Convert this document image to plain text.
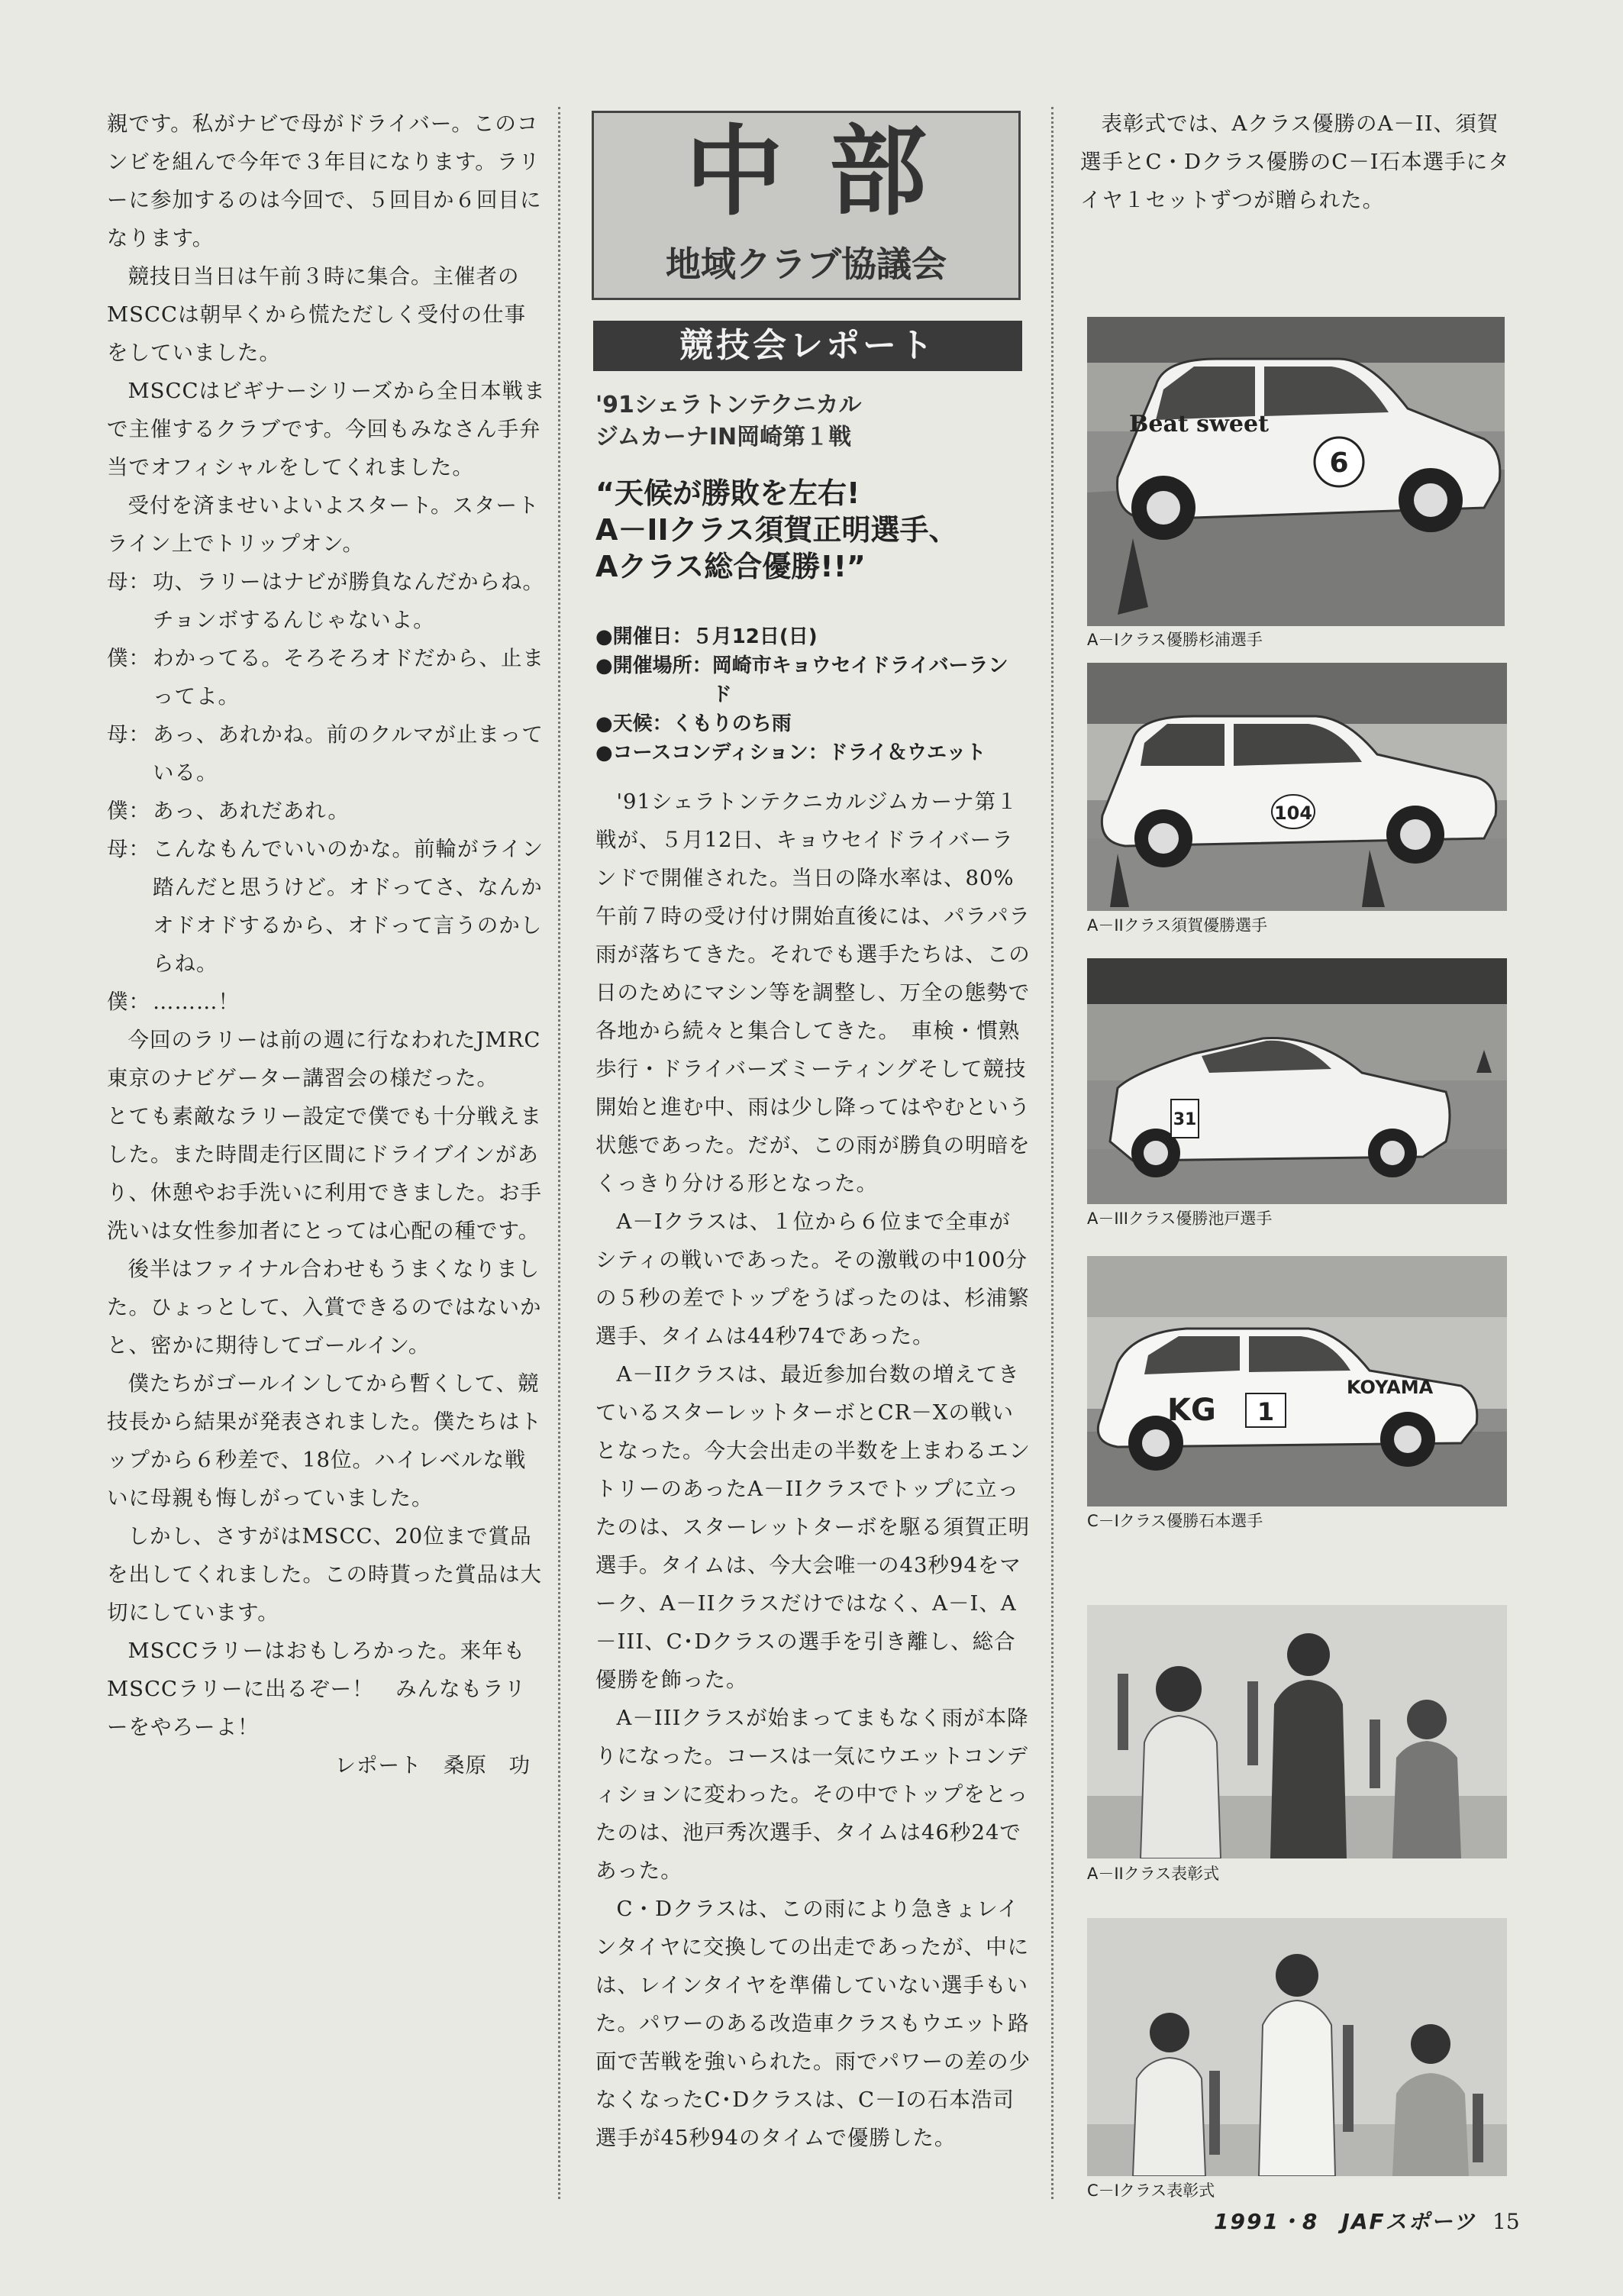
親です。私がナビで母がドライバー。このコンビを組んで今年で３年目になります。ラリーに参加するのは今回で、５回目か６回目になります。

競技日当日は午前３時に集合。主催者のMSCCは朝早くから慌ただしく受付の仕事をしていました。

MSCCはビギナーシリーズから全日本戦まで主催するクラブです。今回もみなさん手弁当でオフィシャルをしてくれました。

受付を済ませいよいよスタート。スタートライン上でトリップオン。

母： 功、ラリーはナビが勝負なんだからね。チョンボするんじゃないよ。
僕： わかってる。そろそろオドだから、止まってよ。
母： あっ、あれかね。前のクルマが止まっている。
僕： あっ、あれだあれ。
母： こんなもんでいいのかな。前輪がライン踏んだと思うけど。オドってさ、なんかオドオドするから、オドって言うのかしらね。
僕： ………！

今回のラリーは前の週に行なわれたJMRC東京のナビゲーター講習会の様だった。

とても素敵なラリー設定で僕でも十分戦えました。また時間走行区間にドライブインがあり、休憩やお手洗いに利用できました。お手洗いは女性参加者にとっては心配の種です。

後半はファイナル合わせもうまくなりました。ひょっとして、入賞できるのではないかと、密かに期待してゴールイン。

僕たちがゴールインしてから暫くして、競技長から結果が発表されました。僕たちはトップから６秒差で、18位。ハイレベルな戦いに母親も悔しがっていました。

しかし、さすがはMSCC、20位まで賞品を出してくれました。この時貰った賞品は大切にしています。

MSCCラリーはおもしろかった。来年もMSCCラリーに出るぞー！　みんなもラリーをやろーよ！

レポート　桑原　功

中部
地域クラブ協議会
競技会レポート
'91シェラトンテクニカル
ジムカーナIN岡崎第１戦
“天候が勝敗を左右!
A－IIクラス須賀正明選手、
Aクラス総合優勝!!”
●開催日： ５月12日(日)
●開催場所： 岡崎市キョウセイドライバーランド
●天候： くもりのち雨
●コースコンディション： ドライ＆ウエット

'91シェラトンテクニカルジムカーナ第１戦が、５月12日、キョウセイドライバーランドで開催された。当日の降水率は、80%午前７時の受け付け開始直後には、パラパラ雨が落ちてきた。それでも選手たちは、この日のためにマシン等を調整し、万全の態勢で各地から続々と集合してきた。　車検・慣熟歩行・ドライバーズミーティングそして競技開始と進む中、雨は少し降ってはやむという状態であった。だが、この雨が勝負の明暗をくっきり分ける形となった。

A－Iクラスは、１位から６位まで全車がシティの戦いであった。その激戦の中100分の５秒の差でトップをうばったのは、杉浦繁選手、タイムは44秒74であった。

A－IIクラスは、最近参加台数の増えてきているスターレットターボとCR－Xの戦いとなった。今大会出走の半数を上まわるエントリーのあったA－IIクラスでトップに立ったのは、スターレットターボを駆る須賀正明選手。タイムは、今大会唯一の43秒94をマーク、A－IIクラスだけではなく、A－I、A－III、C･Dクラスの選手を引き離し、総合優勝を飾った。

A－IIIクラスが始まってまもなく雨が本降りになった。コースは一気にウエットコンディションに変わった。その中でトップをとったのは、池戸秀次選手、タイムは46秒24であった。

C・Dクラスは、この雨により急きょレインタイヤに交換しての出走であったが、中には、レインタイヤを準備していない選手もいた。パワーのある改造車クラスもウエット路面で苦戦を強いられた。雨でパワーの差の少なくなったC･Dクラスは、C－Iの石本浩司選手が45秒94のタイムで優勝した。

表彰式では、Aクラス優勝のA－II、須賀選手とC・Dクラス優勝のC－I石本選手にタイヤ１セットずつが贈られた。

Beat sweet
6
A－Iクラス優勝杉浦選手
104
A－IIクラス須賀優勝選手
31
A－IIIクラス優勝池戸選手
KG
KOYAMA
1
C－Iクラス優勝石本選手
A－IIクラス表彰式
C－Iクラス表彰式
1991・8　JAFスポーツ 15
